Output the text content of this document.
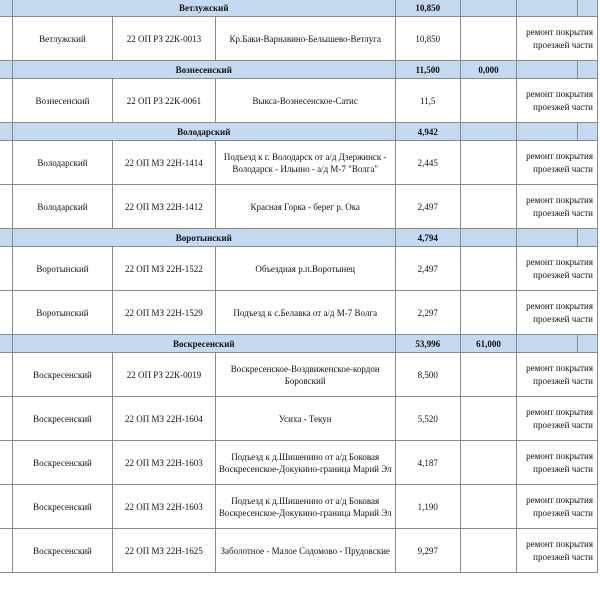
	Ветлужский			10,850			
	Ветлужский	22 ОП РЗ 22К-0013	Кр.Баки-Варнавино-Белышево-Ветлуга	10,850		ремонт покрытия проезжей части	
	Вознесенский			11,500	0,000		
	Вознесенский	22 ОП РЗ 22К-0061	Выкса-Вознесенское-Сатис	11,5		ремонт покрытия проезжей части	
	Володарский			4,942			
	Володарский	22 ОП МЗ 22Н-1414	Подъезд к г. Володарск от а/д Дзержинск - Володарск - Ильино - а/д М-7 "Волга"	2,445		ремонт покрытия проезжей части	
	Володарский	22 ОП МЗ 22Н-1412	Красная Горка - берег р. Ока	2,497		ремонт покрытия проезжей части	
	Воротынский			4,794			
	Воротынский	22 ОП МЗ 22Н-1522	Объездная р.п.Воротынец	2,497		ремонт покрытия проезжей части	
	Воротынский	22 ОП МЗ 22Н-1529	Подъезд к с.Белавка от а/д М-7 Волга	2,297		ремонт покрытия проезжей части	
	Воскресенский			53,996	61,000		
	Воскресенский	22 ОП РЗ 22К-0019	Воскресенское-Воздвиженское-кордон Боровский	8,500		ремонт покрытия проезжей части	
	Воскресенский	22 ОП МЗ 22Н-1604	Усиха - Текун	5,520		ремонт покрытия проезжей части	
	Воскресенский	22 ОП МЗ 22Н-1603	Подъезд к д.Шишенино от а/д Боковая Воскресенское-Докукино-граница Марий Эл	4,187		ремонт покрытия проезжей части	
	Воскресенский	22 ОП МЗ 22Н-1603	Подъезд к д.Шишенино от а/д Боковая Воскресенское-Докукино-граница Марий Эл	1,190		ремонт покрытия проезжей части	
	Воскресенский	22 ОП МЗ 22Н-1625	Заболотное - Малое Содомово - Прудовские	9,297		ремонт покрытия проезжей части	
